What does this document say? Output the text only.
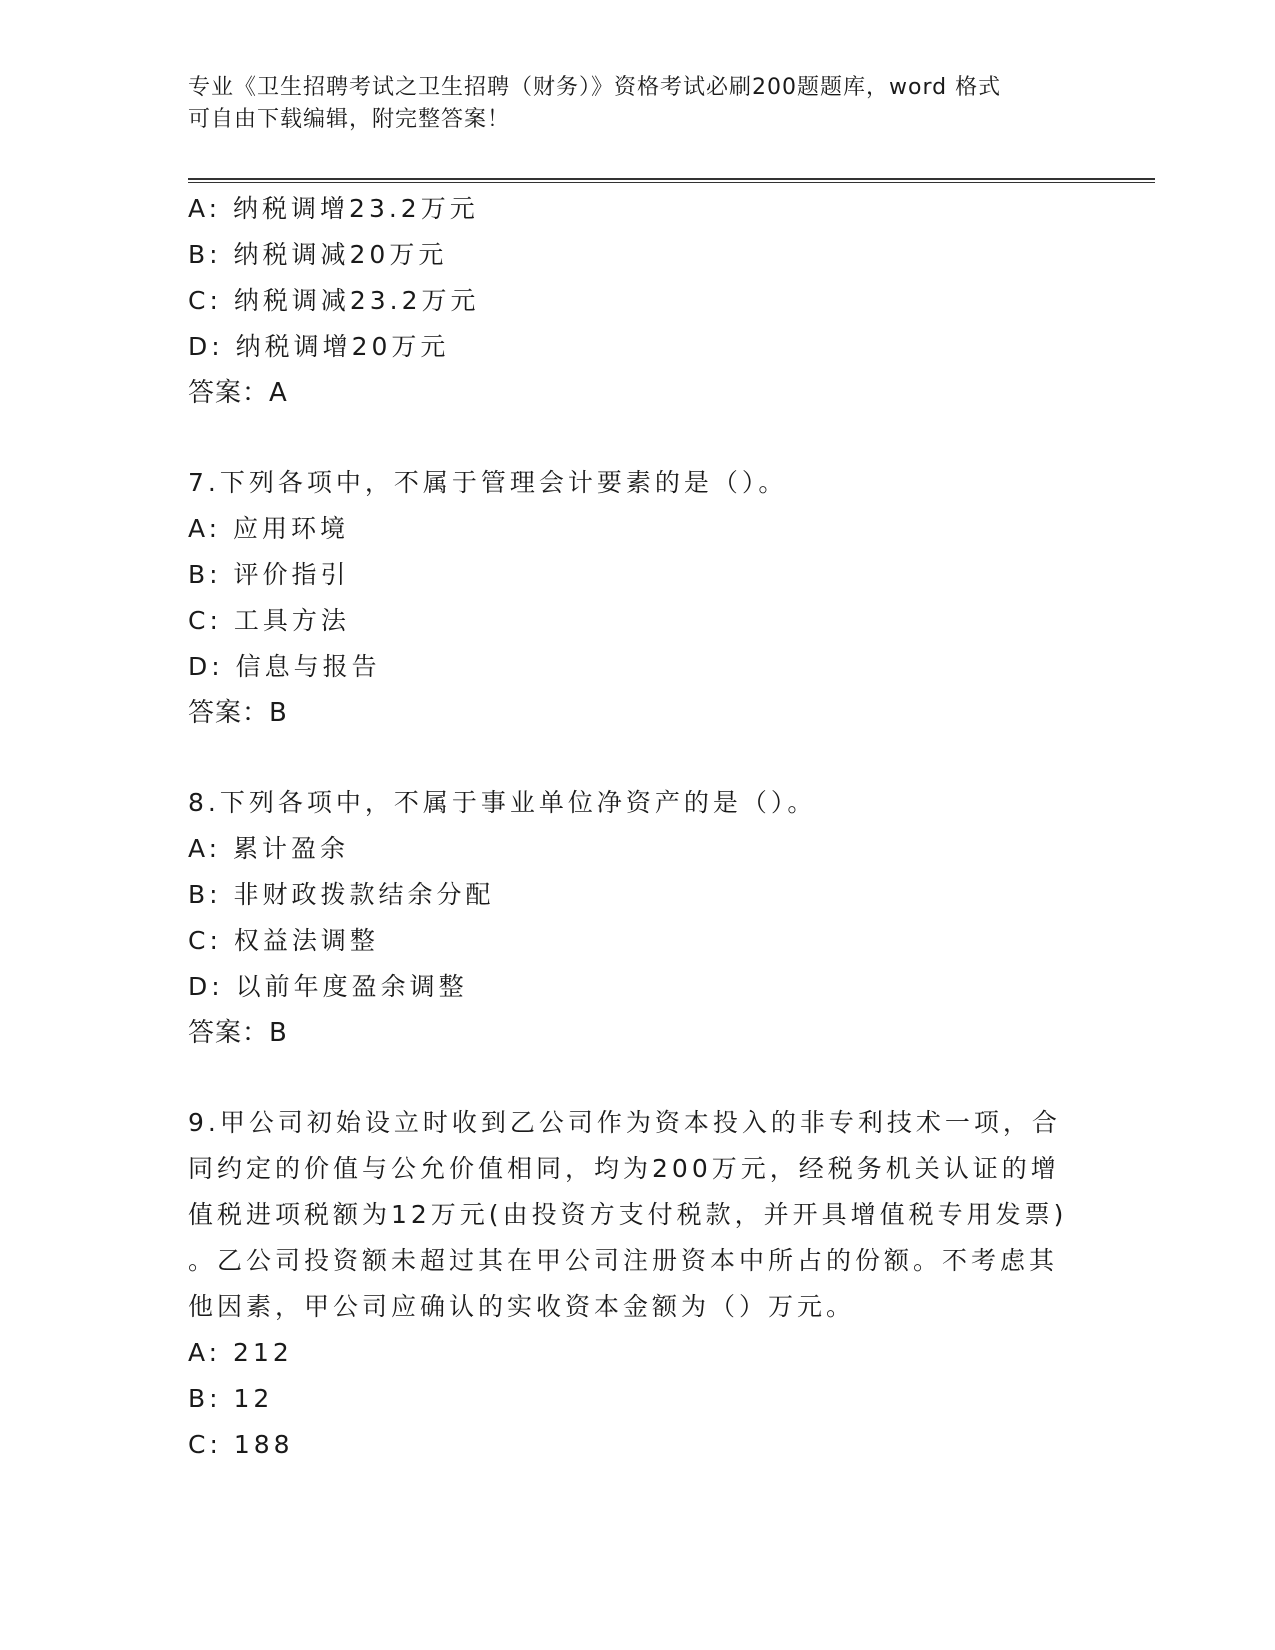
专业《卫生招聘考试之卫生招聘（财务）》资格考试必刷200题题库，word 格式
可自由下载编辑，附完整答案！
A: 纳税调增23.2万元
B: 纳税调减20万元
C: 纳税调减23.2万元
D: 纳税调增20万元
答案：A
7.下列各项中，不属于管理会计要素的是（）。
A: 应用环境
B: 评价指引
C: 工具方法
D: 信息与报告
答案：B
8.下列各项中，不属于事业单位净资产的是（）。
A: 累计盈余
B: 非财政拨款结余分配
C: 权益法调整
D: 以前年度盈余调整
答案：B
9.甲公司初始设立时收到乙公司作为资本投入的非专利技术一项，合
同约定的价值与公允价值相同，均为200万元，经税务机关认证的增
值税进项税额为12万元(由投资方支付税款，并开具增值税专用发票)
。乙公司投资额未超过其在甲公司注册资本中所占的份额。不考虑其
他因素，甲公司应确认的实收资本金额为（）万元。
A: 212
B: 12
C: 188
